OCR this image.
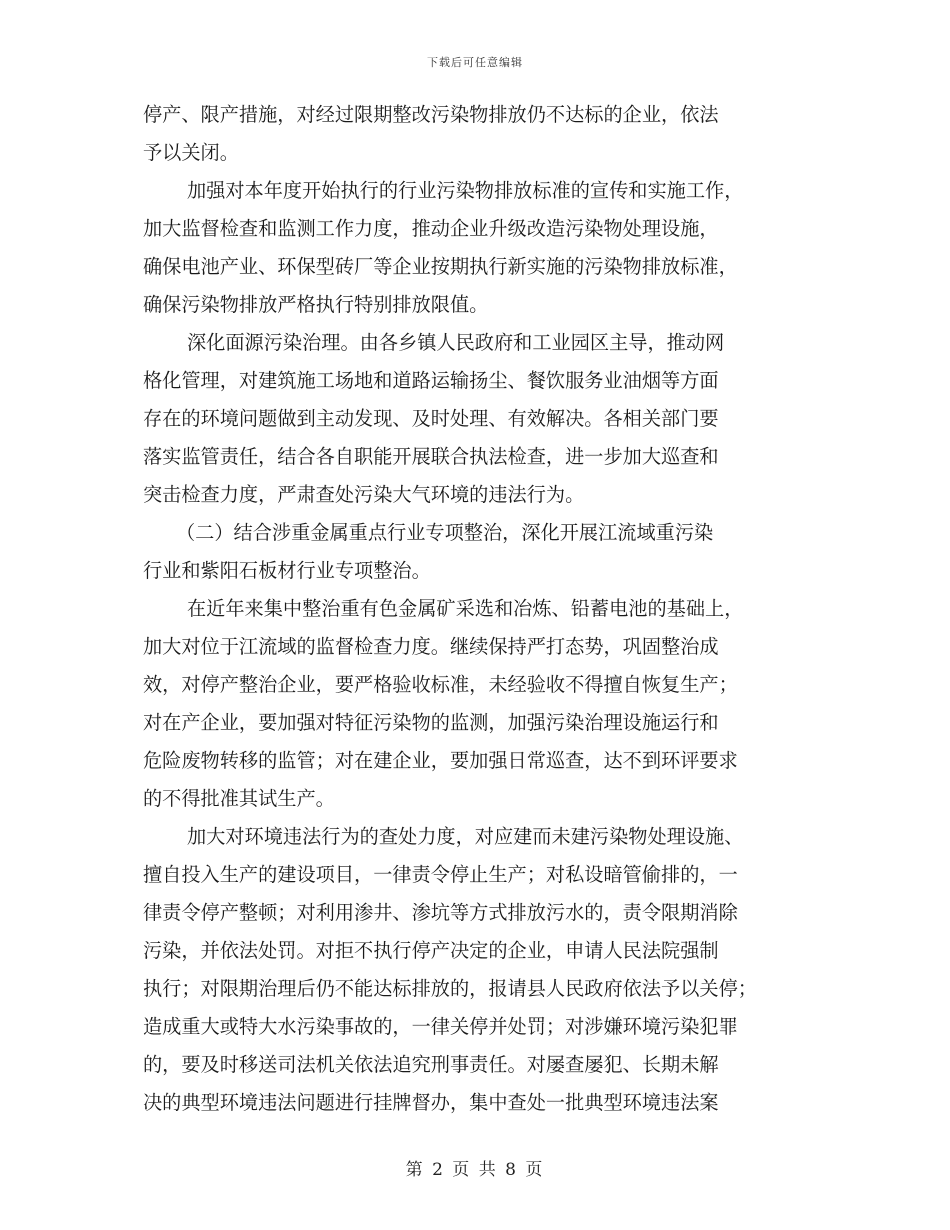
下载后可任意编辑
停产、限产措施，对经过限期整改污染物排放仍不达标的企业，依法
予以关闭。
加强对本年度开始执行的行业污染物排放标准的宣传和实施工作，
加大监督检查和监测工作力度，推动企业升级改造污染物处理设施，
确保电池产业、环保型砖厂等企业按期执行新实施的污染物排放标准，
确保污染物排放严格执行特别排放限值。
深化面源污染治理。由各乡镇人民政府和工业园区主导，推动网
格化管理，对建筑施工场地和道路运输扬尘、餐饮服务业油烟等方面
存在的环境问题做到主动发现、及时处理、有效解决。各相关部门要
落实监管责任，结合各自职能开展联合执法检查，进一步加大巡查和
突击检查力度，严肃查处污染大气环境的违法行为。
（二）结合涉重金属重点行业专项整治，深化开展江流域重污染
行业和紫阳石板材行业专项整治。
在近年来集中整治重有色金属矿采选和冶炼、铅蓄电池的基础上，
加大对位于江流域的监督检查力度。继续保持严打态势，巩固整治成
效，对停产整治企业，要严格验收标准，未经验收不得擅自恢复生产；
对在产企业，要加强对特征污染物的监测，加强污染治理设施运行和
危险废物转移的监管；对在建企业，要加强日常巡查，达不到环评要求
的不得批准其试生产。
加大对环境违法行为的查处力度，对应建而未建污染物处理设施、
擅自投入生产的建设项目，一律责令停止生产；对私设暗管偷排的，一
律责令停产整顿；对利用渗井、渗坑等方式排放污水的，责令限期消除
污染，并依法处罚。对拒不执行停产决定的企业，申请人民法院强制
执行；对限期治理后仍不能达标排放的，报请县人民政府依法予以关停；
造成重大或特大水污染事故的，一律关停并处罚；对涉嫌环境污染犯罪
的，要及时移送司法机关依法追究刑事责任。对屡查屡犯、长期未解
决的典型环境违法问题进行挂牌督办，集中查处一批典型环境违法案
第 2 页 共 8 页
